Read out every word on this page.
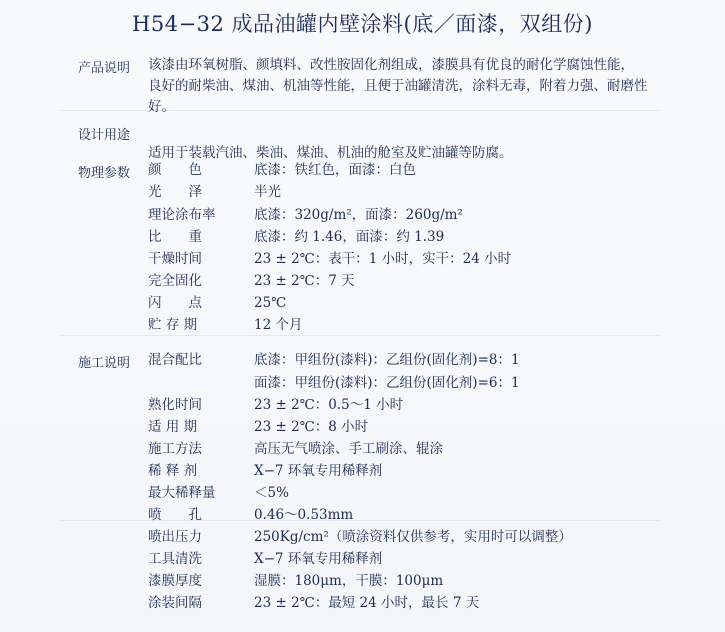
H54−32 成品油罐内壁涂料(底／面漆，双组份)
产品说明 该漆由环氧树脂、颜填料、改性胺固化剂组成，漆膜具有优良的耐化学腐蚀性能，
良好的耐柴油、煤油、机油等性能，且便于油罐清洗，涂料无毒，附着力强、耐磨性
好。
设计用途
适用于装载汽油、柴油、煤油、机油的舱室及贮油罐等防腐。
物理参数 颜　　色	底漆：铁红色，面漆：白色
光　　泽	半光
理论涂布率	底漆：320g/m²，面漆：260g/m²
比　　重	底漆：约 1.46，面漆：约 1.39
干燥时间	23 ± 2℃：表干：1 小时，实干：24 小时
完全固化	23 ± 2℃：7 天
闪　　点	25℃
贮 存 期	12 个月
施工说明 混合配比	底漆：甲组份(漆料)：乙组份(固化剂)=8：1
面漆：甲组份(漆料)：乙组份(固化剂)=6：1
熟化时间	23 ± 2℃：0.5～1 小时
适 用 期	23 ± 2℃：8 小时
施工方法	高压无气喷涂、手工刷涂、辊涂
稀 释 剂	X−7 环氧专用稀释剂
最大稀释量	＜5%
喷　　孔	0.46～0.53mm
喷出压力	250Kg/cm²（喷涂资料仅供参考，实用时可以调整）
工具清洗	X−7 环氧专用稀释剂
漆膜厚度	湿膜：180μm，干膜：100μm
涂装间隔	23 ± 2℃：最短 24 小时，最长 7 天
